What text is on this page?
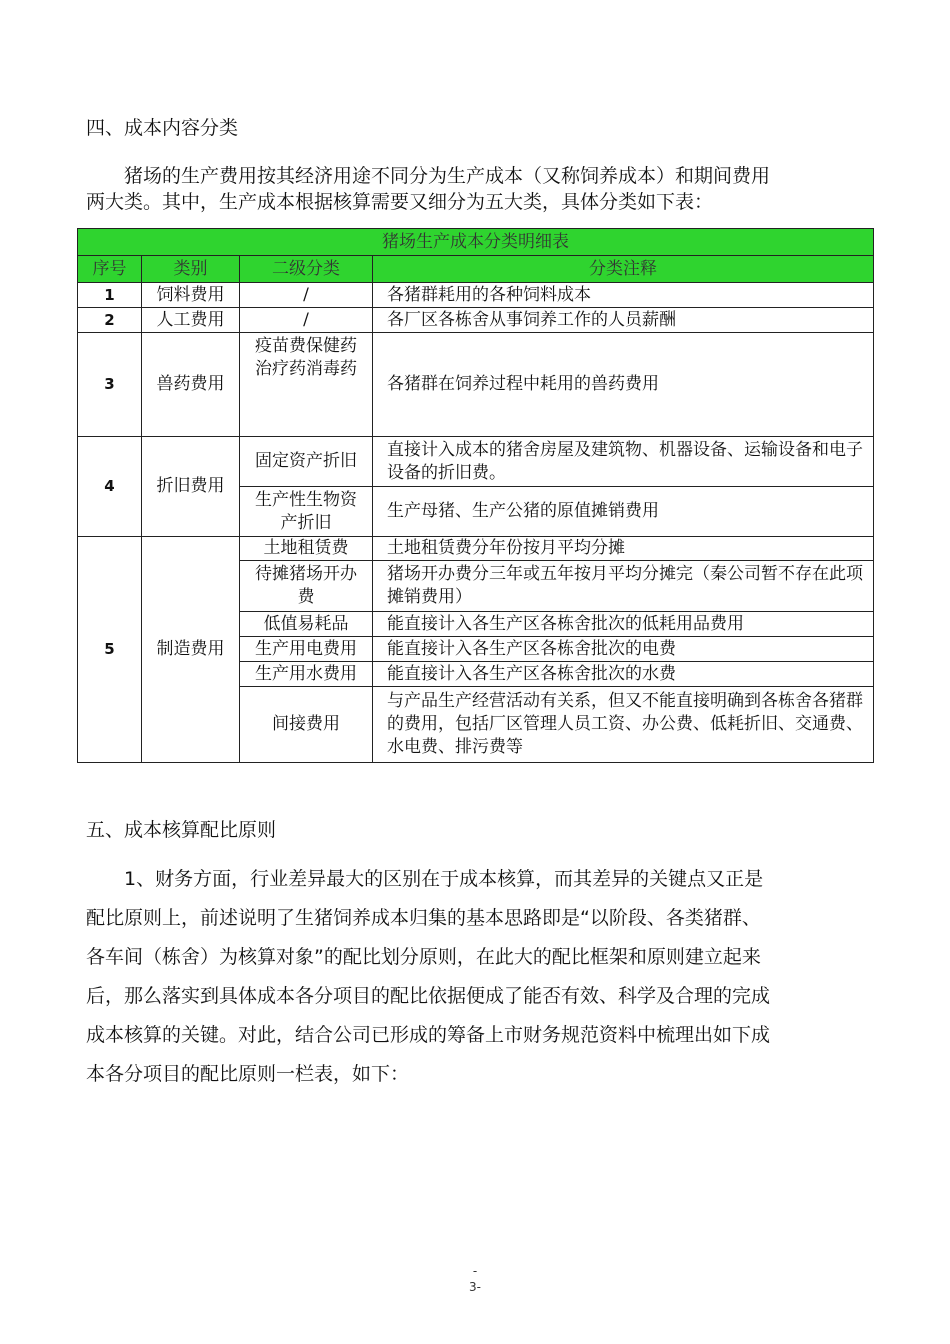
四、成本内容分类

　　猪场的生产费用按其经济用途不同分为生产成本（又称饲养成本）和期间费用
两大类。其中，生产成本根据核算需要又细分为五大类，具体分类如下表：

猪场生产成本分类明细表			
序号	类别	二级分类	分类注释
1	饲料费用	/	各猪群耗用的各种饲料成本
2	人工费用	/	各厂区各栋舍从事饲养工作的人员薪酬
3	兽药费用	疫苗费保健药治疗药消毒药	各猪群在饲养过程中耗用的兽药费用
4	折旧费用	固定资产折旧	直接计入成本的猪舍房屋及建筑物、机器设备、运输设备和电子设备的折旧费。
		生产性生物资产折旧	生产母猪、生产公猪的原值摊销费用
5	制造费用	土地租赁费	土地租赁费分年份按月平均分摊
		待摊猪场开办费	猪场开办费分三年或五年按月平均分摊完（秦公司暂不存在此项摊销费用）
		低值易耗品	能直接计入各生产区各栋舍批次的低耗用品费用
		生产用电费用	能直接计入各生产区各栋舍批次的电费
		生产用水费用	能直接计入各生产区各栋舍批次的水费
		间接费用	与产品生产经营活动有关系，但又不能直接明确到各栋舍各猪群的费用，包括厂区管理人员工资、办公费、低耗折旧、交通费、水电费、排污费等
五、成本核算配比原则

　　1、财务方面，行业差异最大的区别在于成本核算，而其差异的关键点又正是
配比原则上，前述说明了生猪饲养成本归集的基本思路即是“以阶段、各类猪群、
各车间（栋舍）为核算对象”的配比划分原则，在此大的配比框架和原则建立起来
后，那么落实到具体成本各分项目的配比依据便成了能否有效、科学及合理的完成
成本核算的关键。对此，结合公司已形成的筹备上市财务规范资料中梳理出如下成
本各分项目的配比原则一栏表，如下：

-
3-
